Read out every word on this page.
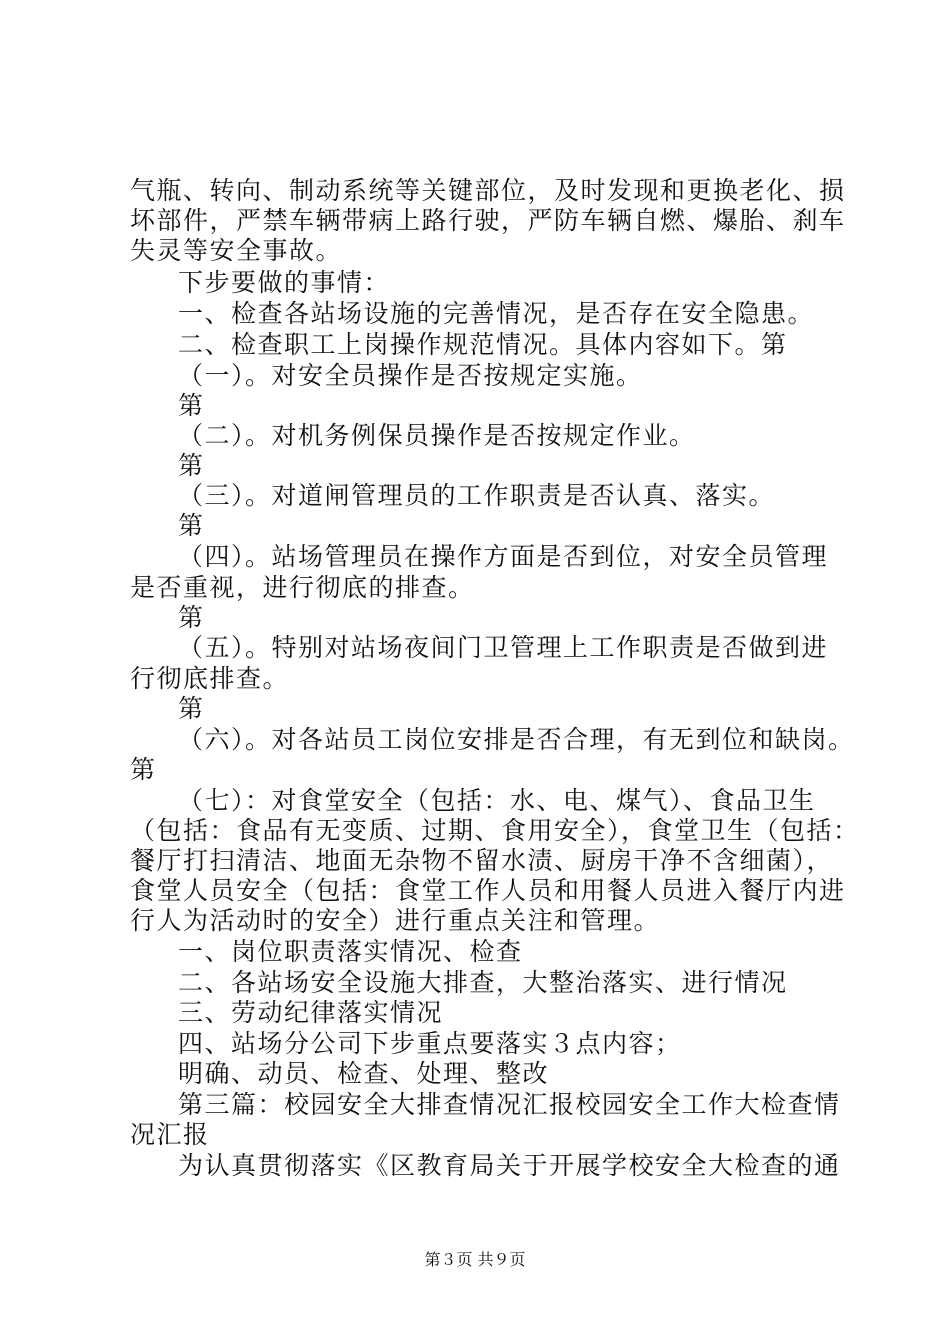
气瓶、转向、制动系统等关键部位，及时发现和更换老化、损
坏部件，严禁车辆带病上路行驶，严防车辆自燃、爆胎、刹车
失灵等安全事故。
下步要做的事情：
一、检查各站场设施的完善情况，是否存在安全隐患。
二、检查职工上岗操作规范情况。具体内容如下。第
（一）。对安全员操作是否按规定实施。
第
（二）。对机务例保员操作是否按规定作业。
第
（三）。对道闸管理员的工作职责是否认真、落实。
第
（四）。站场管理员在操作方面是否到位，对安全员管理
是否重视，进行彻底的排查。
第
（五）。特别对站场夜间门卫管理上工作职责是否做到进
行彻底排查。
第
（六）。对各站员工岗位安排是否合理，有无到位和缺岗。
第
（七）：对食堂安全（包括：水、电、煤气）、食品卫生
（包括：食品有无变质、过期、食用安全），食堂卫生（包括：
餐厅打扫清洁、地面无杂物不留水渍、厨房干净不含细菌），
食堂人员安全（包括：食堂工作人员和用餐人员进入餐厅内进
行人为活动时的安全）进行重点关注和管理。
一、岗位职责落实情况、检查
二、各站场安全设施大排查，大整治落实、进行情况
三、劳动纪律落实情况
四、站场分公司下步重点要落实３点内容；
明确、动员、检查、处理、整改
第三篇：校园安全大排查情况汇报校园安全工作大检查情
况汇报
为认真贯彻落实《区教育局关于开展学校安全大检查的通
第３页 共９页
